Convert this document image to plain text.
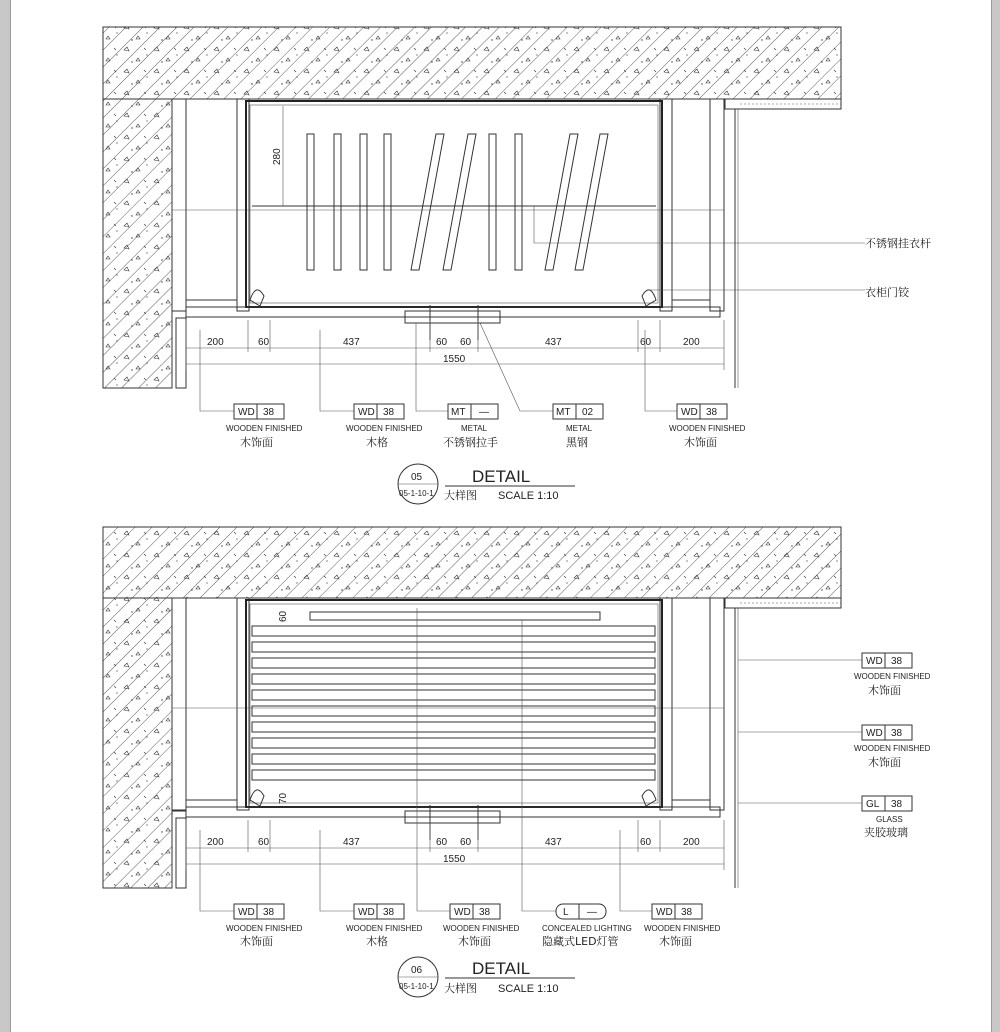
280
不锈钢挂衣杆
衣柜门铰
200	60	437	60 60	437	60	200
1550
WD 38
WOODEN FINISHED
木饰面
WD 38
WOODEN FINISHED
木格
MT —
METAL
不锈钢拉手
MT 02
METAL
黑钢
WD 38
WOODEN FINISHED
木饰面
05
05-1-10-1
DETAIL
大样图 SCALE 1:10
60
70
WD 38
WOODEN FINISHED
木饰面
WD 38
WOODEN FINISHED
木饰面
GL 38
GLASS
夹胶玻璃
200	60	437	60 60	437	60	200
1550
WD 38
WOODEN FINISHED
木饰面
WD 38
WOODEN FINISHED
木格
WD 38
WOODEN FINISHED
木饰面
L —
CONCEALED LIGHTING
隐藏式LED灯管
WD 38
WOODEN FINISHED
木饰面
06
05-1-10-1
DETAIL
大样图 SCALE 1:10
